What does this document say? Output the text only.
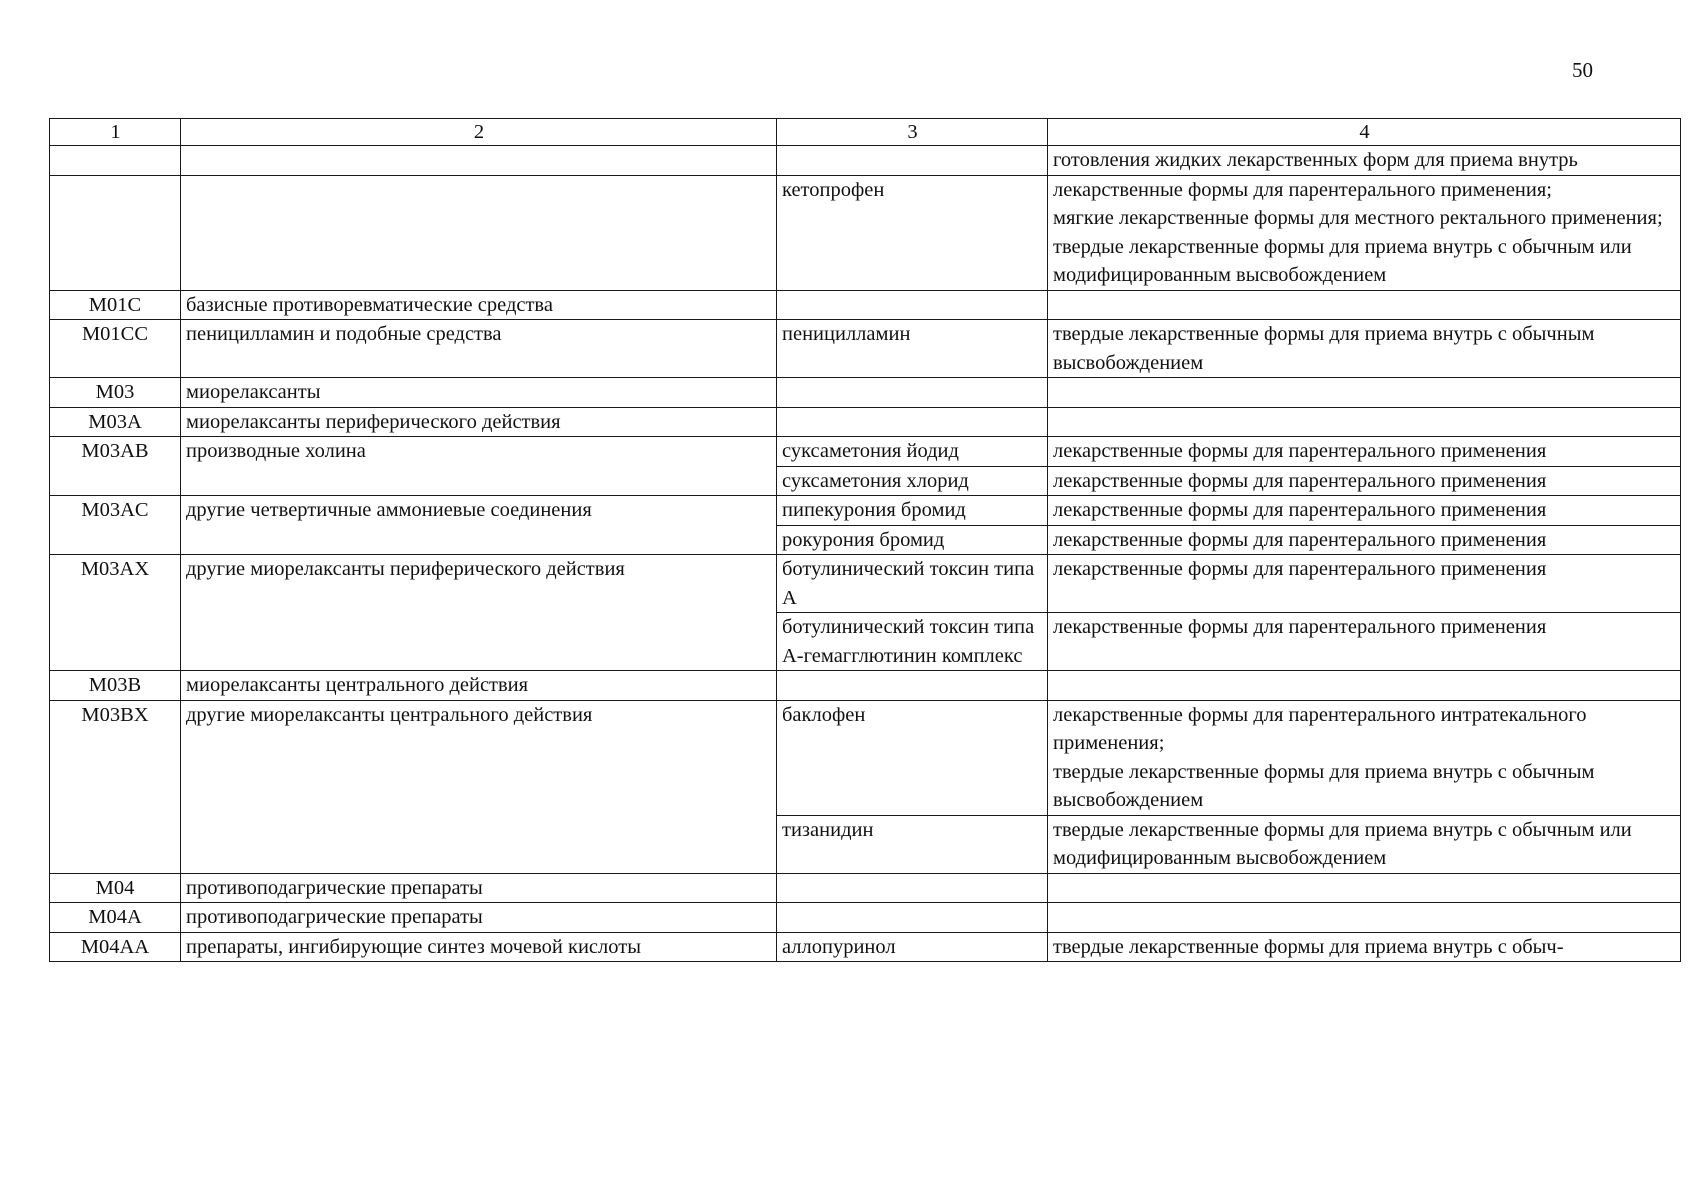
50
1	2	3	4
			готовления жидких лекарственных форм для приема внутрь
		кетопрофен	лекарственные формы для парентерального применения;
мягкие лекарственные формы для местного ректального применения;
твердые лекарственные формы для приема внутрь с обычным или модифицированным высвобождением
M01C	базисные противоревматические средства		
M01CC	пеницилламин и подобные средства	пеницилламин	твердые лекарственные формы для приема внутрь с обычным высвобождением
M03	миорелаксанты		
M03A	миорелаксанты периферического действия		
M03AB	производные холина	суксаметония йодид	лекарственные формы для парентерального применения
		суксаметония хлорид	лекарственные формы для парентерального применения
M03AC	другие четвертичные аммониевые соединения	пипекурония бромид	лекарственные формы для парентерального применения
		рокурония бромид	лекарственные формы для парентерального применения
M03AX	другие миорелаксанты периферического действия	ботулинический токсин типа А	лекарственные формы для парентерального применения
		ботулинический токсин типа А-гемагглютинин комплекс	лекарственные формы для парентерального применения
M03B	миорелаксанты центрального действия		
M03BX	другие миорелаксанты центрального действия	баклофен	лекарственные формы для парентерального интратекального применения;
твердые лекарственные формы для приема внутрь с обычным высвобождением
		тизанидин	твердые лекарственные формы для приема внутрь с обычным или модифицированным высвобождением
M04	противоподагрические препараты		
M04A	противоподагрические препараты		
M04AA	препараты, ингибирующие синтез мочевой кислоты	аллопуринол	твердые лекарственные формы для приема внутрь с обыч-
